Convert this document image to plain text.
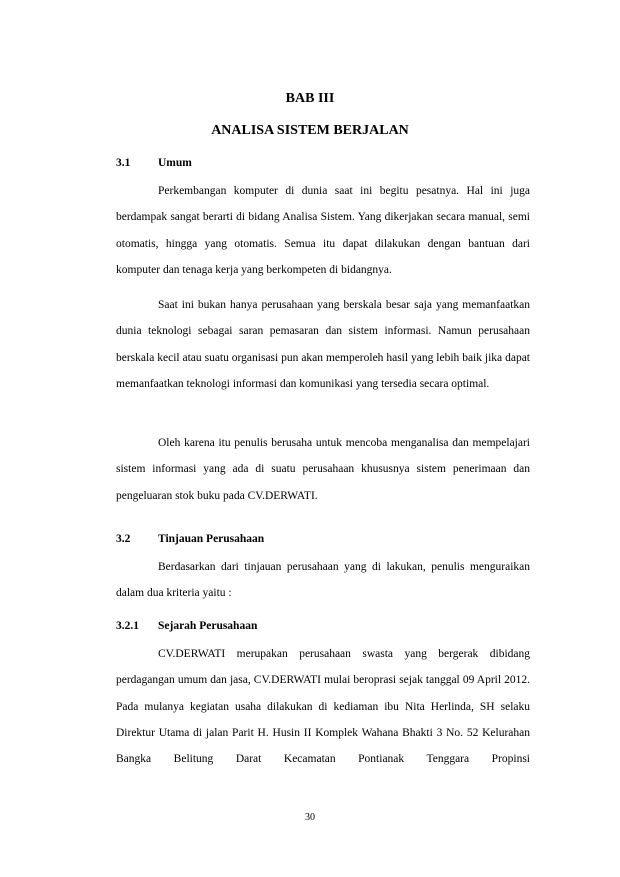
BAB III
ANALISA SISTEM BERJALAN
3.1 Umum

Perkembangan komputer di dunia saat ini begitu pesatnya. Hal ini juga berdampak sangat berarti di bidang Analisa Sistem. Yang dikerjakan secara manual, semi otomatis, hingga yang otomatis. Semua itu dapat dilakukan dengan bantuan dari komputer dan tenaga kerja yang berkompeten di bidangnya.

Saat ini bukan hanya perusahaan yang berskala besar saja yang memanfaatkan dunia teknologi sebagai saran pemasaran dan sistem informasi. Namun perusahaan berskala kecil atau suatu organisasi pun akan memperoleh hasil yang lebih baik jika dapat memanfaatkan teknologi informasi dan komunikasi yang tersedia secara optimal.

Oleh karena itu penulis berusaha untuk mencoba menganalisa dan mempelajari sistem informasi yang ada di suatu perusahaan khususnya sistem penerimaan dan pengeluaran stok buku pada CV.DERWATI.

3.2 Tinjauan Perusahaan

Berdasarkan dari tinjauan perusahaan yang di lakukan, penulis menguraikan dalam dua kriteria yaitu :

3.2.1 Sejarah Perusahaan

CV.DERWATI merupakan perusahaan swasta yang bergerak dibidang perdagangan umum dan jasa, CV.DERWATI mulai beroprasi sejak tanggal 09 April 2012. Pada mulanya kegiatan usaha dilakukan di kediaman ibu Nita Herlinda, SH selaku Direktur Utama di jalan Parit H. Husin II Komplek Wahana Bhakti 3 No. 52 Kelurahan Bangka Belitung Darat Kecamatan Pontianak Tenggara Propinsi

30
